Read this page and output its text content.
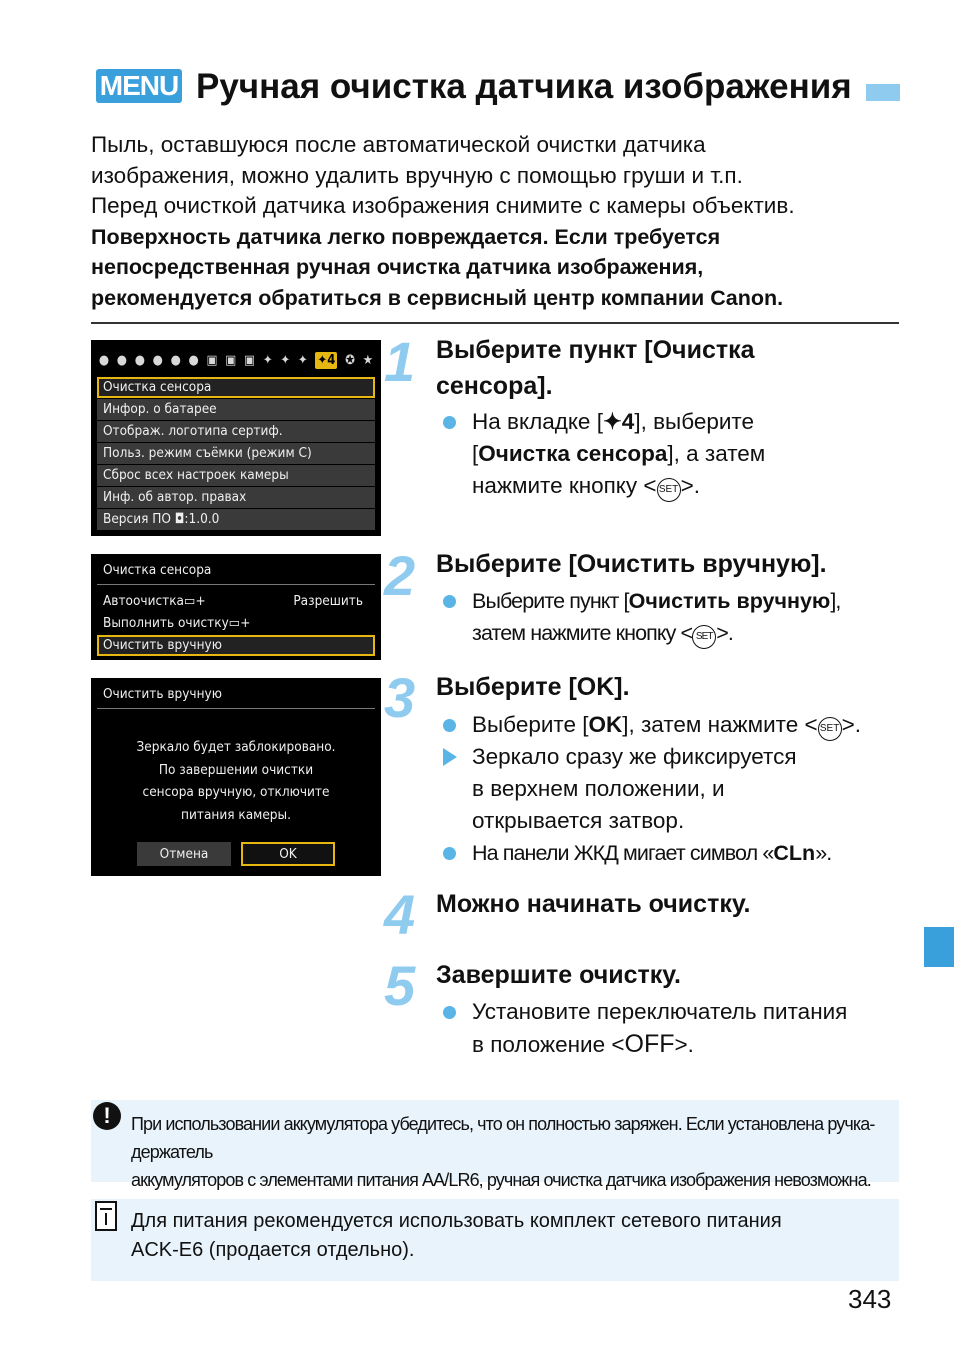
MENU Ручная очистка датчика изображения

Пыль, оставшуюся после автоматической очистки датчика

изображения, можно удалить вручную с помощью груши и т.п.

Перед очисткой датчика изображения снимите с камеры объектив.

Поверхность датчика легко повреждается. Если требуется

непосредственная ручная очистка датчика изображения,

рекомендуется обратиться в сервисный центр компании Canon.

● ● ● ● ● ● ▣ ▣ ▣ ✦ ✦ ✦ ✦4 ✪ ★
Очистка сенсора
Инфор. о батарее
Отображ. логотипа сертиф.
Польз. режим съёмки (режим C)
Сброс всех настроек камеры
Инф. об автор. правах
Версия ПО ◘:1.0.0
Очистка сенсора
Автоочистка▭+	Разрешить
Выполнить очистку▭+
Очистить вручную
Очистить вручную
Зеркало будет заблокировано.
По завершении очистки
сенсора вручную, отключите
питания камеры.
Отмена	OK
1 Выберите пункт [Очистка
сенсора].
На вкладке [✦4], выберите
[Очистка сенсора], а затем
нажмите кнопку < SET >.
2 Выберите [Очистить вручную].
Выберите пункт [Очистить вручную],
затем нажмите кнопку < SET >.
3 Выберите [OK].
Выберите [OK], затем нажмите < SET >.
Зеркало сразу же фиксируется
в верхнем положении, и
открывается затвор.
На панели ЖКД мигает символ «CLn».
4 Можно начинать очистку.
5 Завершите очистку.
Установите переключатель питания
в положение <OFF>.
!	При использовании аккумулятора убедитесь, что он полностью заряжен. Если установлена ручка-держатель
аккумуляторов с элементами питания AA/LR6, ручная очистка датчика изображения невозможна.
Для питания рекомендуется использовать комплект сетевого питания
ACK-E6 (продается отдельно).
343
